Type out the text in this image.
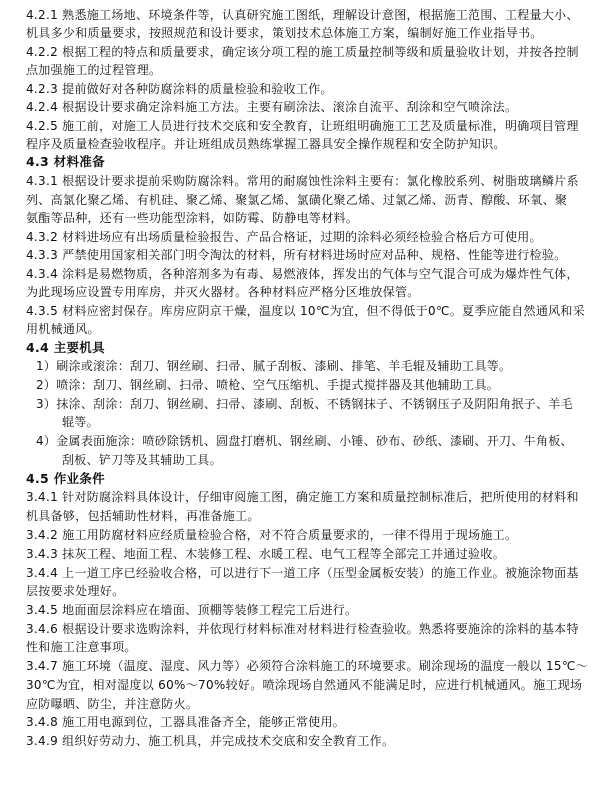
4.2.1 熟悉施工场地、环境条件等，认真研究施工图纸，理解设计意图，根据施工范围、工程量大小、
机具多少和质量要求，按照规范和设计要求，策划技术总体施工方案，编制好施工作业指导书。
4.2.2 根据工程的特点和质量要求，确定该分项工程的施工质量控制等级和质量验收计划，并按各控制
点加强施工的过程管理。
4.2.3 提前做好对各种防腐涂料的质量检验和验收工作。
4.2.4 根据设计要求确定涂料施工方法。主要有刷涂法、滚涂自流平、刮涂和空气喷涂法。
4.2.5 施工前，对施工人员进行技术交底和安全教育，让班组明确施工工艺及质量标准，明确项目管理
程序及质量检查验收程序。并让班组成员熟练掌握工器具安全操作规程和安全防护知识。
4.3 材料准备
4.3.1 根据设计要求提前采购防腐涂料。常用的耐腐蚀性涂料主要有：氯化橡胶系列、树脂玻璃鳞片系
列、高氯化聚乙烯、有机硅、聚乙烯、聚氯乙烯、氯磺化聚乙烯、过氯乙烯、沥青、醇酸、环氧、聚
氨酯等品种，还有一些功能型涂料，如防霉、防静电等材料。
4.3.2 材料进场应有出场质量检验报告、产品合格证，过期的涂料必须经检验合格后方可使用。
4.3.3 严禁使用国家相关部门明令淘汰的材料，所有材料进场时应对品种、规格、性能等进行检验。
4.3.4 涂料是易燃物质，各种溶剂多为有毒、易燃液体，挥发出的气体与空气混合可成为爆炸性气体，
为此现场应设置专用库房，并灭火器材。各种材料应严格分区堆放保管。
4.3.5 材料应密封保存。库房应阴京干燥，温度以 10℃为宜，但不得低于0℃。夏季应能自然通风和采
用机械通风。
4.4 主要机具
1）刷涂或滚涂：刮刀、钢丝刷、扫帚、腻子刮板、漆刷、排笔、羊毛辊及辅助工具等。
2）喷涂：刮刀、钢丝刷、扫帚、喷枪、空气压缩机、手提式搅拌器及其他辅助工具。
3）抹涂、刮涂：刮刀、钢丝刷、扫帚、漆刷、刮板、不锈钢抹子、不锈钢压子及阴阳角抿子、羊毛
辊等。
4）金属表面施涂：喷砂除锈机、圆盘打磨机、钢丝刷、小锤、砂布、砂纸、漆刷、开刀、牛角板、
刮板、铲刀等及其辅助工具。
4.5 作业条件
3.4.1 针对防腐涂料具体设计，仔细审阅施工图，确定施工方案和质量控制标准后，把所使用的材料和
机具备够，包括辅助性材料，再准备施工。
3.4.2 施工用防腐材料应经质量检验合格，对不符合质量要求的，一律不得用于现场施工。
3.4.3 抹灰工程、地面工程、木装修工程、水暖工程、电气工程等全部完工并通过验收。
3.4.4 上一道工序已经验收合格，可以进行下一道工序（压型金属板安装）的施工作业。被施涂物面基
层按要求处理好。
3.4.5 地面面层涂料应在墙面、顶棚等装修工程完工后进行。
3.4.6 根据设计要求选购涂料，并依现行材料标准对材料进行检查验收。熟悉将要施涂的涂料的基本特
性和施工注意事项。
3.4.7 施工环境（温度、湿度、风力等）必须符合涂料施工的环境要求。刷涂现场的温度一般以 15℃～
30℃为宜，相对湿度以 60%～70%较好。喷涂现场自然通风不能满足时，应进行机械通风。施工现场
应防曝晒、防尘，并注意防火。
3.4.8 施工用电源到位，工器具准备齐全，能够正常使用。
3.4.9 组织好劳动力、施工机具，并完成技术交底和安全教育工作。
